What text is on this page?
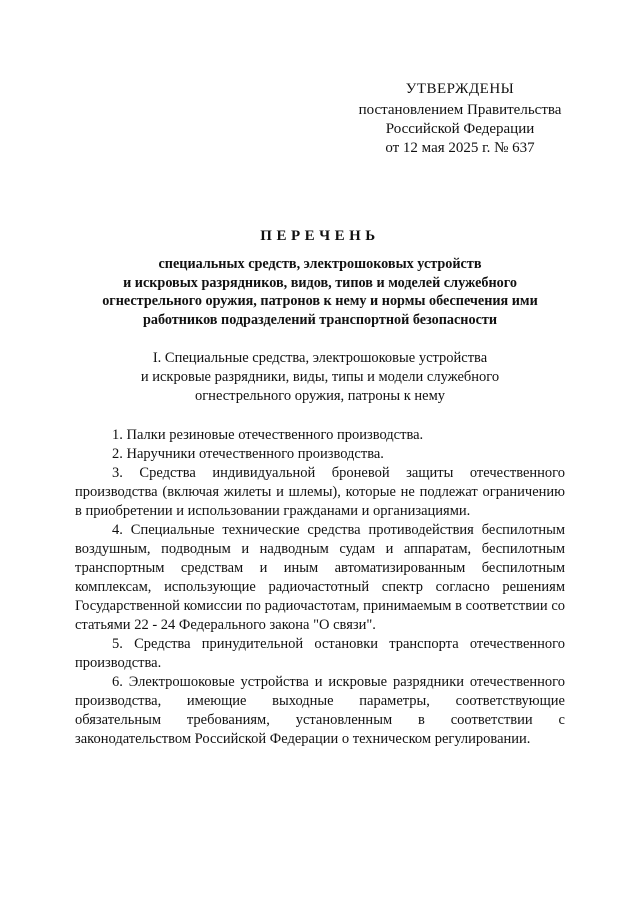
УТВЕРЖДЕНЫ
постановлением Правительства
Российской Федерации
от 12 мая 2025 г. № 637
ПЕРЕЧЕНЬ
специальных средств, электрошоковых устройств
и искровых разрядников, видов, типов и моделей служебного
огнестрельного оружия, патронов к нему и нормы обеспечения ими
работников подразделений транспортной безопасности
I. Специальные средства, электрошоковые устройства
и искровые разрядники, виды, типы и модели служебного
огнестрельного оружия, патроны к нему

1. Палки резиновые отечественного производства.

2. Наручники отечественного производства.

3. Средства индивидуальной броневой защиты отечественного производства (включая жилеты и шлемы), которые не подлежат ограничению в приобретении и использовании гражданами и организациями.

4. Специальные технические средства противодействия беспилотным воздушным, подводным и надводным судам и аппаратам, беспилотным транспортным средствам и иным автоматизированным беспилотным комплексам, использующие радиочастотный спектр согласно решениям Государственной комиссии по радиочастотам, принимаемым в соответствии со статьями 22 - 24 Федерального закона "О связи".

5. Средства принудительной остановки транспорта отечественного производства.

6. Электрошоковые устройства и искровые разрядники отечественного производства, имеющие выходные параметры, соответствующие обязательным требованиям, установленным в соответствии с законодательством Российской Федерации о техническом регулировании.
